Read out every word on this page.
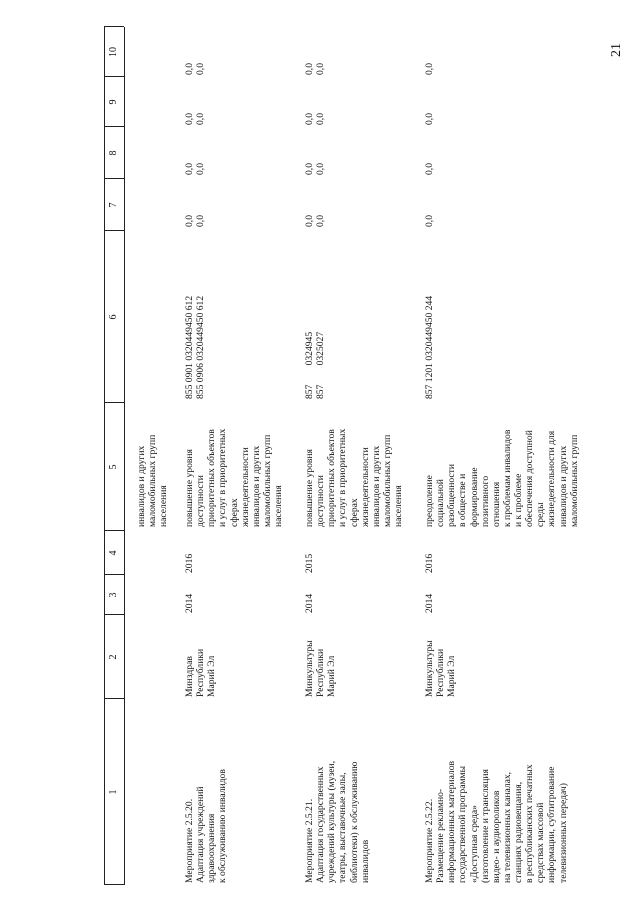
21
1
2
3
4
5
6
7
8
9
10
инвалидов и других
маломобильных групп
населения
Мероприятие 2.5.20.
Адаптация учреждений
здравоохранения
к обслуживанию инвалидов
Минздрав
Республики
Марий Эл
2014
2016
повышение уровня
доступности
приоритетных объектов
и услуг в приоритетных
сферах
жизнедеятельности
инвалидов и других
маломобильных групп
населения
855 0901 0320449450 612
855 0906 0320449450 612
0,0
0,0
0,0
0,0
0,0
0,0
0,0
0,0
Мероприятие 2.5.21.
Адаптация государственных
учреждений культуры (музеи,
театры, выставочные залы,
библиотеки) к обслуживанию
инвалидов
Минкультуры
Республики
Марий Эл
2014
2015
повышение уровня
доступности
приоритетных объектов
и услуг в приоритетных
сферах
жизнедеятельности
инвалидов и других
маломобильных групп
населения
857        0324945
857        0325027
0,0
0,0
0,0
0,0
0,0
0,0
0,0
0,0
Мероприятие 2.5.22.
Размещение рекламно-
информационных материалов
государственной программы
«Доступная среда»
(изготовление и трансляция
видео- и аудиороликов
на телевизионных каналах,
станциях радиовещания,
в республиканских печатных
средствах массовой
информации, субтитрование
телевизионных передач)
Минкультуры
Республики
Марий Эл
2014
2016
преодоление
социальной
разобщенности
в обществе и
формирование
позитивного
отношения
к проблемам инвалидов
и к проблеме
обеспечения доступной
среды
жизнедеятельности для
инвалидов и других
маломобильных групп
857 1201 0320449450 244
0,0
0,0
0,0
0,0
